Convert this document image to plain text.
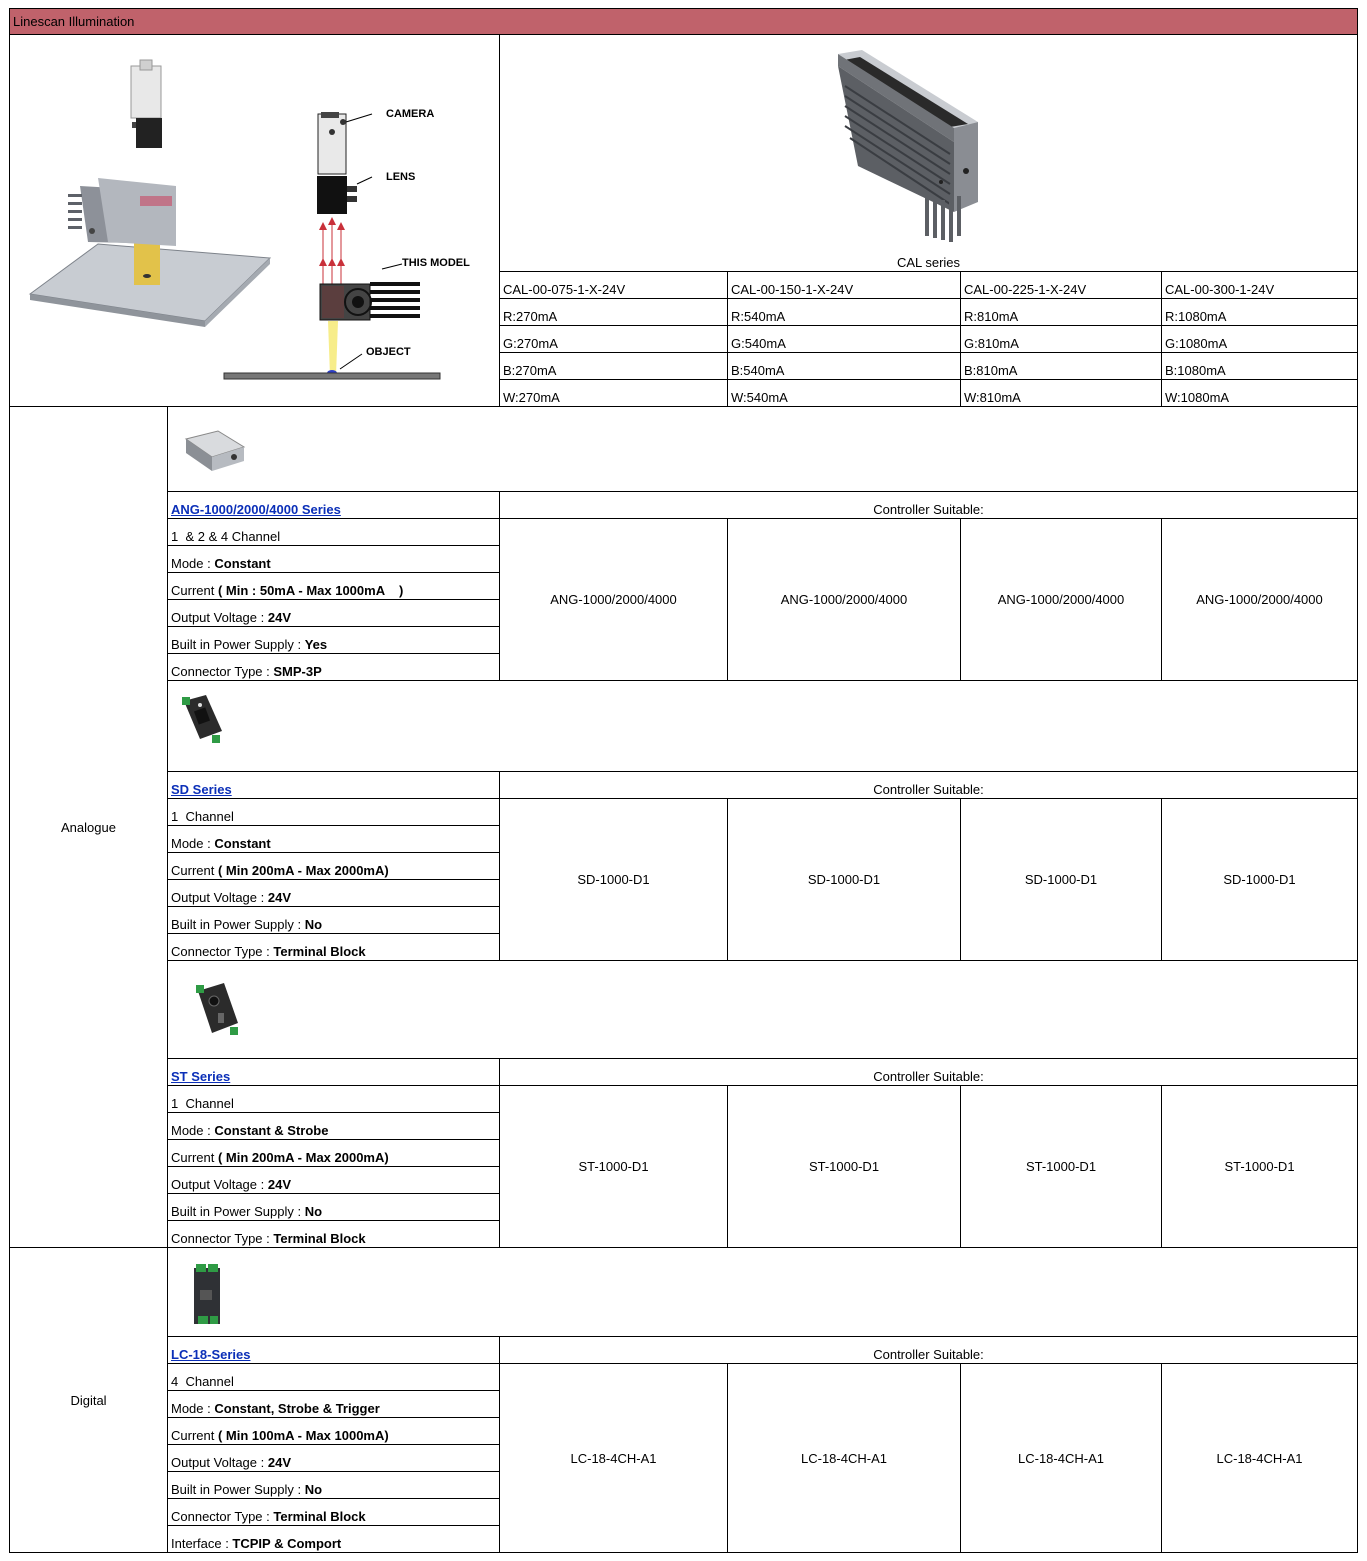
Linescan Illumination
CAMERA
LENS
THIS MODEL
OBJECT
CAL series
CAL-00-075-1-X-24V	CAL-00-150-1-X-24V	CAL-00-225-1-X-24V	CAL-00-300-1-24V
R:270mA	R:540mA	R:810mA	R:1080mA
G:270mA	G:540mA	G:810mA	G:1080mA
B:270mA	B:540mA	B:810mA	B:1080mA
W:270mA	W:540mA	W:810mA	W:1080mA
Analogue
Digital
ANG-1000/2000/4000 Series	Controller Suitable:
1  & 2 & 4 Channel
Mode : Constant
Current ( Min : 50mA - Max 1000mA    )
Output Voltage : 24V
Built in Power Supply : Yes
Connector Type : SMP-3P
ANG-1000/2000/4000	ANG-1000/2000/4000	ANG-1000/2000/4000	ANG-1000/2000/4000
SD Series	Controller Suitable:
1  Channel
Mode : Constant
Current ( Min 200mA - Max 2000mA)
Output Voltage : 24V
Built in Power Supply : No
Connector Type : Terminal Block
SD-1000-D1	SD-1000-D1	SD-1000-D1	SD-1000-D1
ST Series	Controller Suitable:
1  Channel
Mode : Constant & Strobe
Current ( Min 200mA - Max 2000mA)
Output Voltage : 24V
Built in Power Supply : No
Connector Type : Terminal Block
ST-1000-D1	ST-1000-D1	ST-1000-D1	ST-1000-D1
LC-18-Series	Controller Suitable:
4  Channel
Mode : Constant, Strobe & Trigger
Current ( Min 100mA - Max 1000mA)
Output Voltage : 24V
Built in Power Supply : No
Connector Type : Terminal Block
Interface : TCPIP & Comport
LC-18-4CH-A1	LC-18-4CH-A1	LC-18-4CH-A1	LC-18-4CH-A1
